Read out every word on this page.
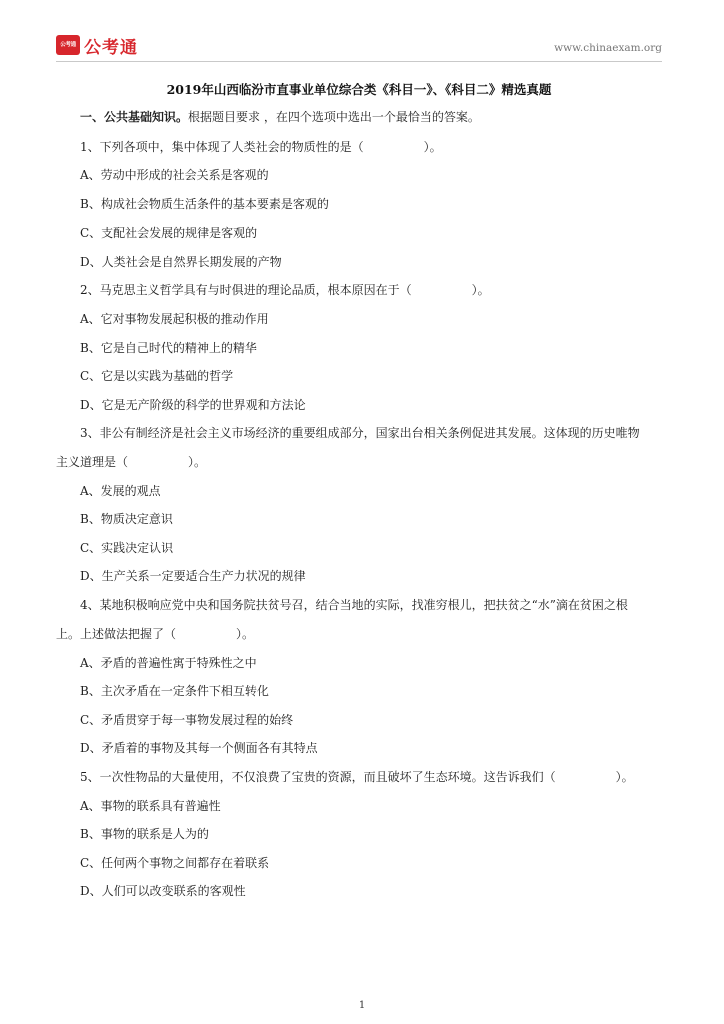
公考通 公考通	www.chinaexam.org
2019年山西临汾市直事业单位综合类《科目一》、《科目二》精选真题
一、公共基础知识。根据题目要求 ，在四个选项中选出一个最恰当的答案。
1、下列各项中，集中体现了人类社会的物质性的是（　　　　　）。
A、劳动中形成的社会关系是客观的
B、构成社会物质生活条件的基本要素是客观的
C、支配社会发展的规律是客观的
D、人类社会是自然界长期发展的产物
2、马克思主义哲学具有与时俱进的理论品质，根本原因在于（　　　　　）。
A、它对事物发展起积极的推动作用
B、它是自己时代的精神上的精华
C、它是以实践为基础的哲学
D、它是无产阶级的科学的世界观和方法论
3、非公有制经济是社会主义市场经济的重要组成部分，国家出台相关条例促进其发展。这体现的历史唯物
主义道理是（　　　　　）。
A、发展的观点
B、物质决定意识
C、实践决定认识
D、生产关系一定要适合生产力状况的规律
4、某地积极响应党中央和国务院扶贫号召，结合当地的实际，找准穷根儿，把扶贫之“水”滴在贫困之根
上。上述做法把握了（　　　　　）。
A、矛盾的普遍性寓于特殊性之中
B、主次矛盾在一定条件下相互转化
C、矛盾贯穿于每一事物发展过程的始终
D、矛盾着的事物及其每一个侧面各有其特点
5、一次性物品的大量使用，不仅浪费了宝贵的资源，而且破坏了生态环境。这告诉我们（　　　　　）。
A、事物的联系具有普遍性
B、事物的联系是人为的
C、任何两个事物之间都存在着联系
D、人们可以改变联系的客观性
1
